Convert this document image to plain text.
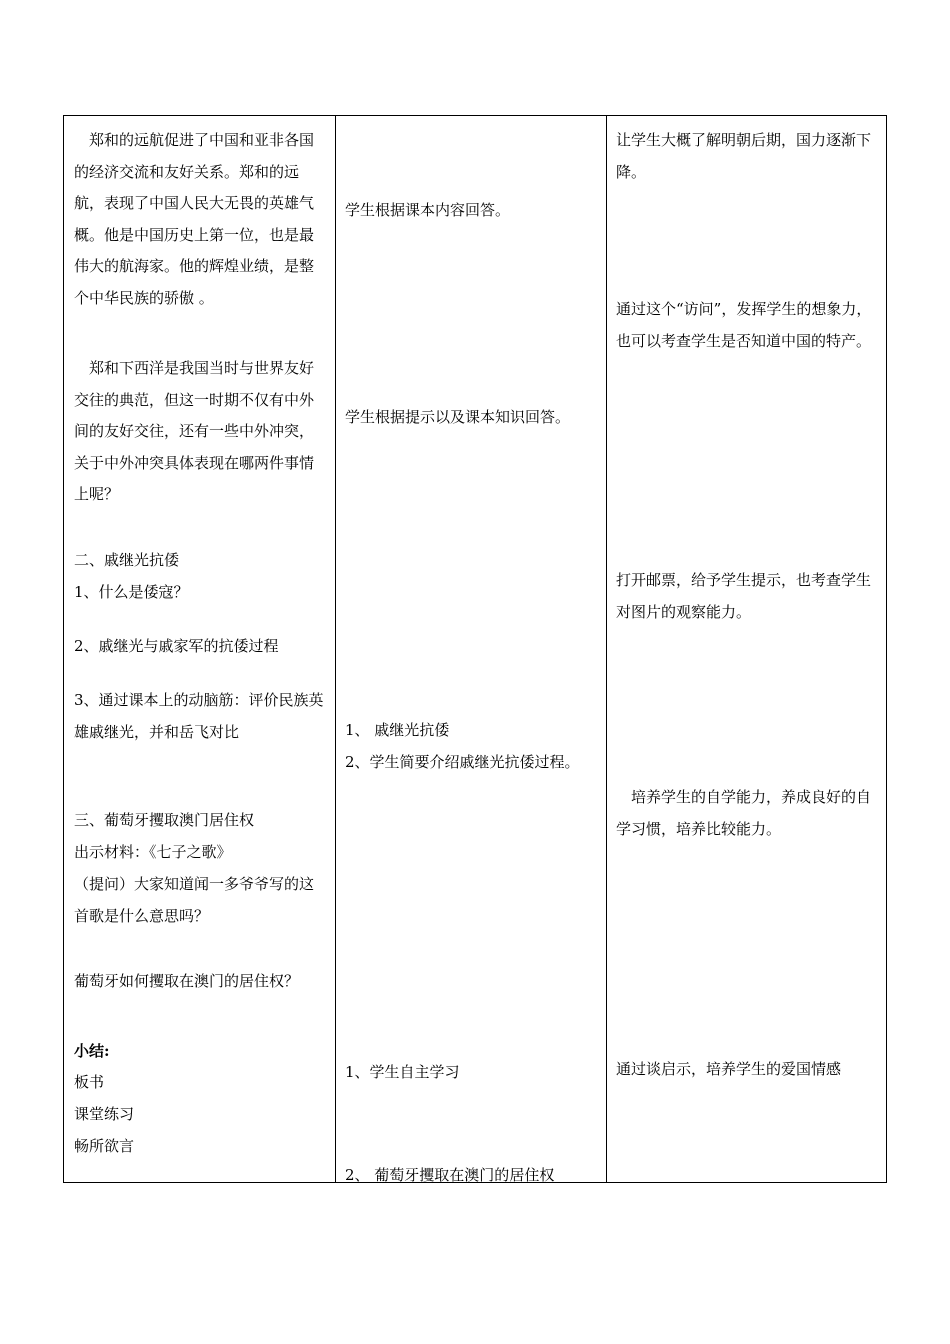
　郑和的远航促进了中国和亚非各国的经济交流和友好关系。郑和的远航，表现了中国人民大无畏的英雄气概。他是中国历史上第一位，也是最伟大的航海家。他的辉煌业绩，是整个中华民族的骄傲 。

　郑和下西洋是我国当时与世界友好交往的典范，但这一时期不仅有中外间的友好交往，还有一些中外冲突，关于中外冲突具体表现在哪两件事情上呢？

二、戚继光抗倭

1、什么是倭寇？

2、戚继光与戚家军的抗倭过程

3、通过课本上的动脑筋：评价民族英雄戚继光，并和岳飞对比

三、葡萄牙攫取澳门居住权

出示材料：《七子之歌》

（提问）大家知道闻一多爷爷写的这首歌是什么意思吗？

葡萄牙如何攫取在澳门的居住权？

小结:

板书

课堂练习

畅所欲言

学生根据课本内容回答。

学生根据提示以及课本知识回答。

1、 戚继光抗倭

2、学生简要介绍戚继光抗倭过程。

1、学生自主学习

2、 葡萄牙攫取在澳门的居住权

让学生大概了解明朝后期，国力逐渐下降。

通过这个“访问”，发挥学生的想象力，也可以考查学生是否知道中国的特产。

打开邮票，给予学生提示，也考查学生对图片的观察能力。

　培养学生的自学能力，养成良好的自学习惯，培养比较能力。

通过谈启示，培养学生的爱国情感
